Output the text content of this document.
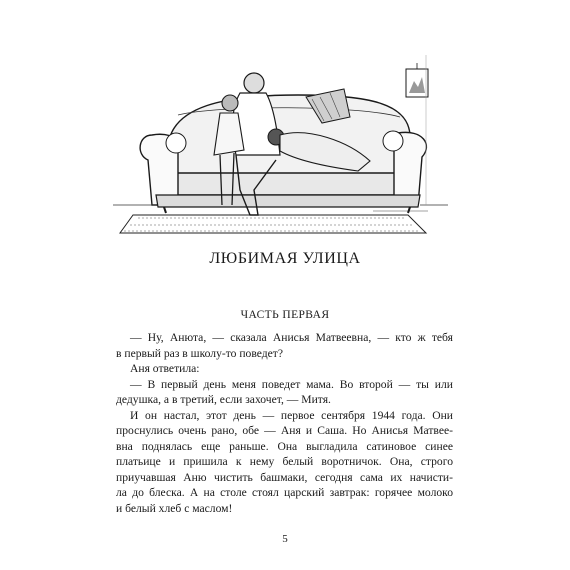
ЛЮБИМАЯ УЛИЦА
ЧАСТЬ ПЕРВАЯ
— Ну, Анюта, — сказала Анисья Матвеевна, — кто ж тебя
в первый раз в школу-то поведет?
Аня ответила:
— В первый день меня поведет мама. Во второй — ты или
дедушка, а в третий, если захочет, — Митя.
И он настал, этот день — первое сентября 1944 года. Они
проснулись очень рано, обе — Аня и Саша. Но Анисья Матвее-
вна поднялась еще раньше. Она выгладила сатиновое синее
платьице и пришила к нему белый воротничок. Она, строго
приучавшая Аню чистить башмаки, сегодня сама их начисти-
ла до блеска. А на столе стоял царский завтрак: горячее молоко
и белый хлеб с маслом!
5
